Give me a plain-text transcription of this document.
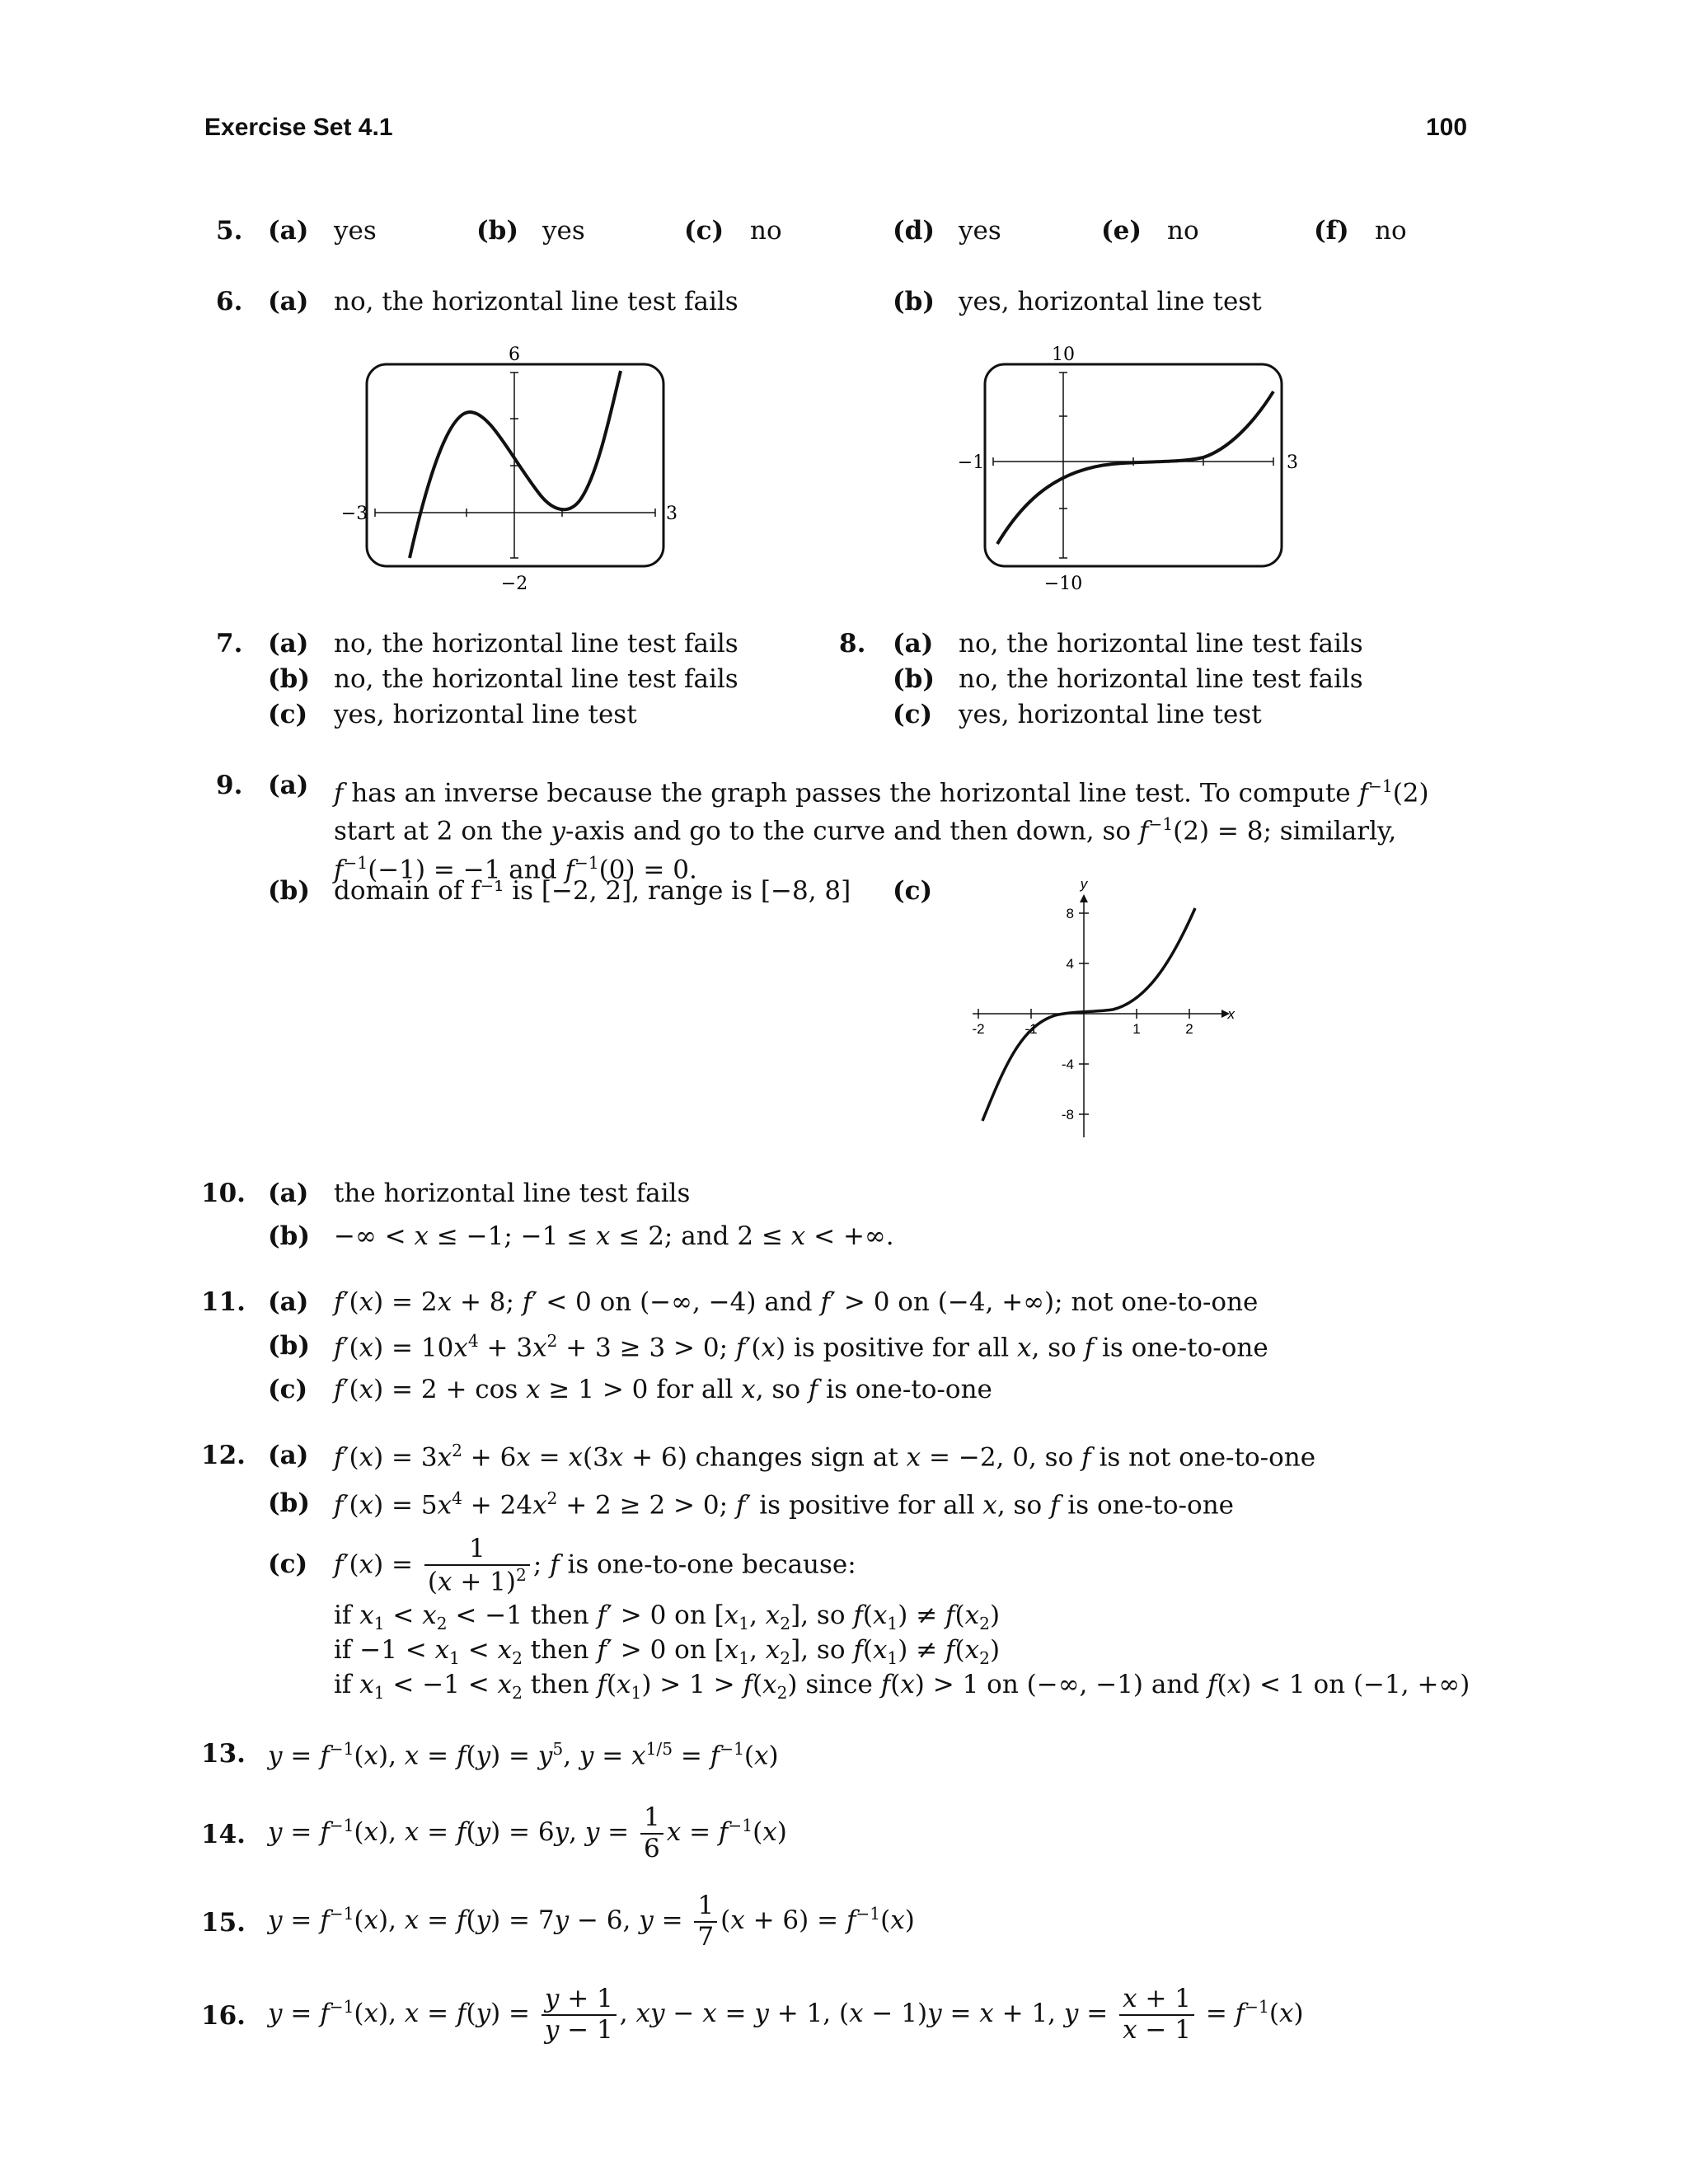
Exercise Set 4.1	100
5. (a) yes	(b) yes	(c) no	(d) yes	(e) no	(f) no
6. (a) no, the horizontal line test fails	(b) yes, horizontal line test
6
−2
−3	3
10
−10
−1	3
7. (a) no, the horizontal line test fails
(b) no, the horizontal line test fails
(c) yes, horizontal line test
8. (a) no, the horizontal line test fails
(b) no, the horizontal line test fails
(c) yes, horizontal line test
9. (a) f has an inverse because the graph passes the horizontal line test. To compute $f^{-1}(2)$ start at 2 on the y-axis and go to the curve and then down, so $f^{-1}(2) = 8$; similarly, $f^{-1}(-1) = -1$ and $f^{-1}(0) = 0$.
(b) domain of f⁻¹ is [−2, 2], range is [−8, 8] (c)	y
x
8
4
-4
-8
-2	-1	1	2
10. (a) the horizontal line test fails
(b) −∞ < x ≤ −1; −1 ≤ x ≤ 2; and 2 ≤ x < +∞.
11. (a) f′(x) = 2x + 8; f′ < 0 on (−∞, −4) and f′ > 0 on (−4, +∞); not one-to-one
(b) $f'(x) = 10x^4 + 3x^2 + 3 \ge 3 > 0$; f′(x) is positive for all x, so f is one-to-one
(c) f′(x) = 2 + cos x ≥ 1 > 0 for all x, so f is one-to-one
12. (a) $f'(x) = 3x^2 + 6x = x(3x + 6)$ changes sign at x = −2, 0, so f is not one-to-one
(b) $f'(x) = 5x^4 + 24x^2 + 2 \ge 2 > 0$; f′ is positive for all x, so f is one-to-one
(c) $f'(x) = \frac{1}{(x + 1)^2}$ ; f is one-to-one because:
if $x_1 < x_2 < -1$ then f′ > 0 on [$x_1$, $x_2$], so $f(x_1) \ne f(x_2)$
if $-1 < x_1 < x_2$ then f′ > 0 on [$x_1$, $x_2$], so $f(x_1) \ne f(x_2)$
if $x_1 < -1 < x_2$ then $f(x_1) > 1 > f(x_2)$ since f(x) > 1 on (−∞, −1) and f(x) < 1 on (−1, +∞)
13. $y = f^{-1}(x)$, $x = f(y) = y^5$, $y = x^{1/5} = f^{-1}(x)$
14. $y = f^{-1}(x)$, x = f(y) = 6y, $y = \frac{1}{6}$ $x = f^{-1}(x)$
15. $y = f^{-1}(x)$, x = f(y) = 7y − 6, $y = \frac{1}{7} (x + 6) = f^{-1}(x)$
16. $y = f^{-1}(x)$, $x = f(y) = \frac{y + 1}{y - 1}$ , xy − x = y + 1, (x − 1)y = x + 1, $y = \frac{x + 1}{x - 1} = f^{-1}(x)$
